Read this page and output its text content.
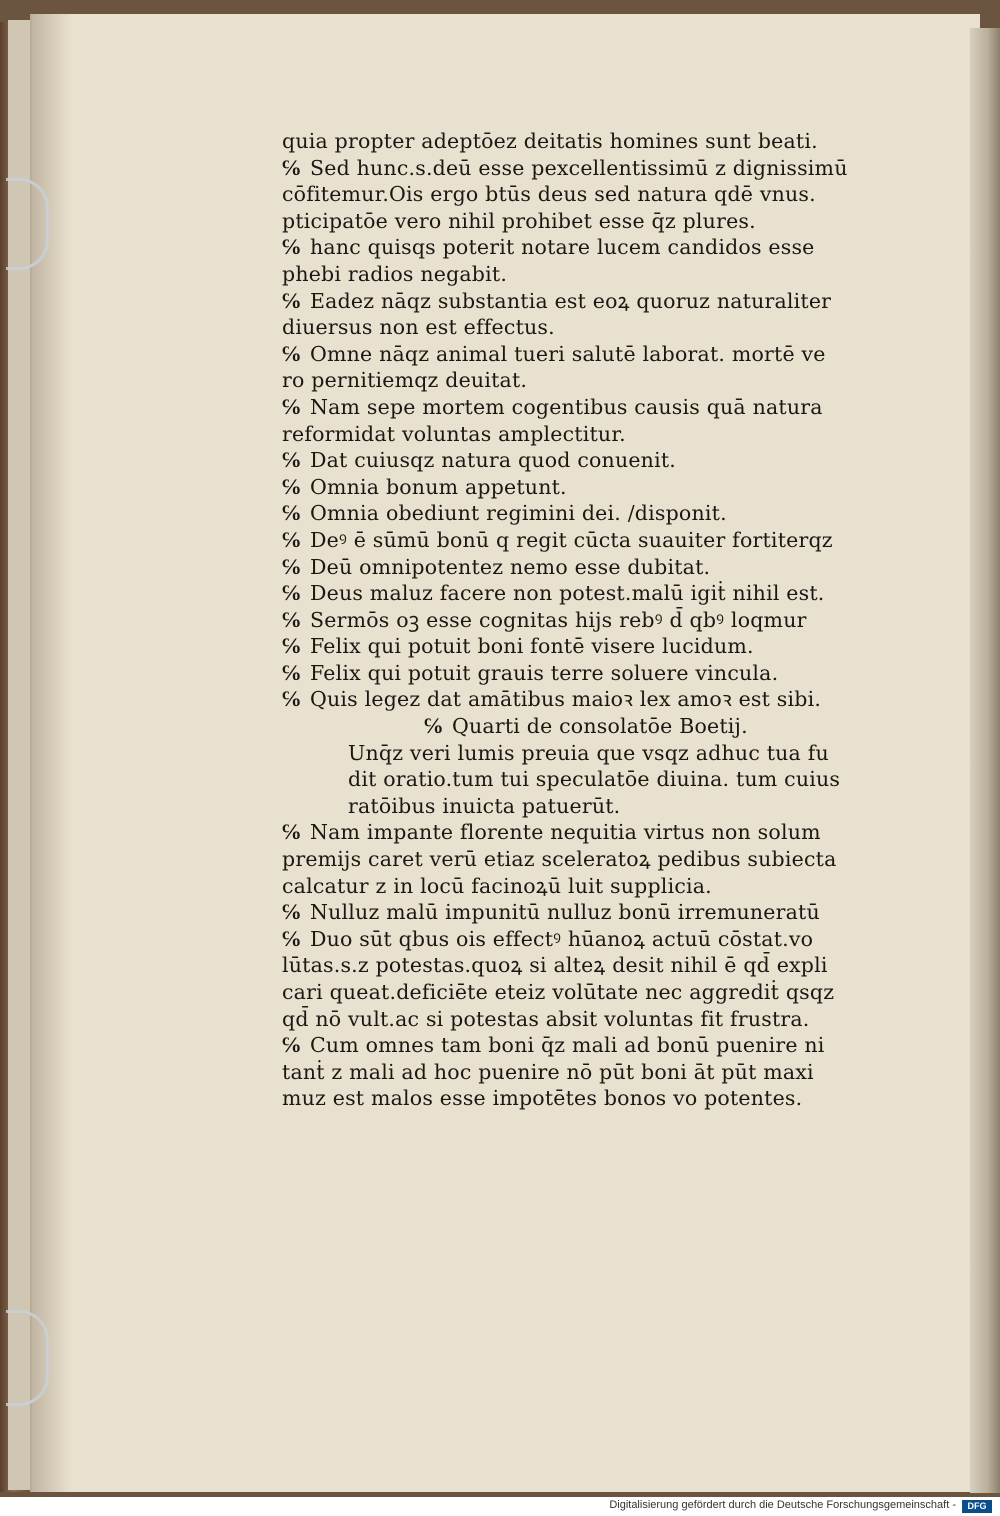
quia propter adeptōez deitatis homines sunt beati.
℅ Sed hunc.s.deū esse pexcellentissimū z dignissimū
cōfitemur.Ois ergo btūs deus sed natura qdē vnus.
pticipatōe vero nihil prohibet esse q̄z plures.
℅ hanc quisqs poterit notare lucem candidos esse
phebi radios negabit.
℅ Eadez nāqz substantia est eoꝝ quoruz naturaliter
diuersus non est effectus.
℅ Omne nāqz animal tueri salutē laborat. mortē ve
ro pernitiemqz deuitat.
℅ Nam sepe mortem cogentibus causis quā natura
reformidat voluntas amplectitur.
℅ Dat cuiusqz natura quod conuenit.
℅ Omnia bonum appetunt.
℅ Omnia obediunt regimini dei. /disponit.
℅ Deꝰ ē sūmū bonū q regit cūcta suauiter fortiterqz
℅ Deū omnipotentez nemo esse dubitat.
℅ Deus maluz facere non potest.malū igiṫ nihil est.
℅ Sermōs oꝫ esse cognitas hijs rebꝰ d̄ qbꝰ loqmur
℅ Felix qui potuit boni fontē visere lucidum.
℅ Felix qui potuit grauis terre soluere vincula.
℅ Quis legez dat amātibus maioꝛ lex amoꝛ est sibi.
℅ Quarti de consolatōe Boetij.
Unq̄z veri lumis preuia que vsqz adhuc tua fu
dit oratio.tum tui speculatōe diuina. tum cuius
ratōibus inuicta patuerūt.
℅ Nam impante florente nequitia virtus non solum
premijs caret verū etiaz sceleratoꝝ pedibus subiecta
calcatur z in locū facinoꝝū luit supplicia.
℅ Nulluz malū impunitū nulluz bonū irremuneratū
℅ Duo sūt qbus ois effectꝰ hūanoꝝ actuū cōstat.vo
lūtas.s.z potestas.quoꝝ si alteꝝ desit nihil ē qd̄ expli
cari queat.deficiēte eteiz volūtate nec aggrediṫ qsqz
qd̄ nō vult.ac si potestas absit voluntas fit frustra.
℅ Cum omnes tam boni q̄z mali ad bonū puenire ni
tanṫ z mali ad hoc puenire nō pūt boni āt pūt maxi
muz est malos esse impotētes bonos vo potentes.
Digitalisierung gefördert durch die Deutsche Forschungsgemeinschaft -	DFG
